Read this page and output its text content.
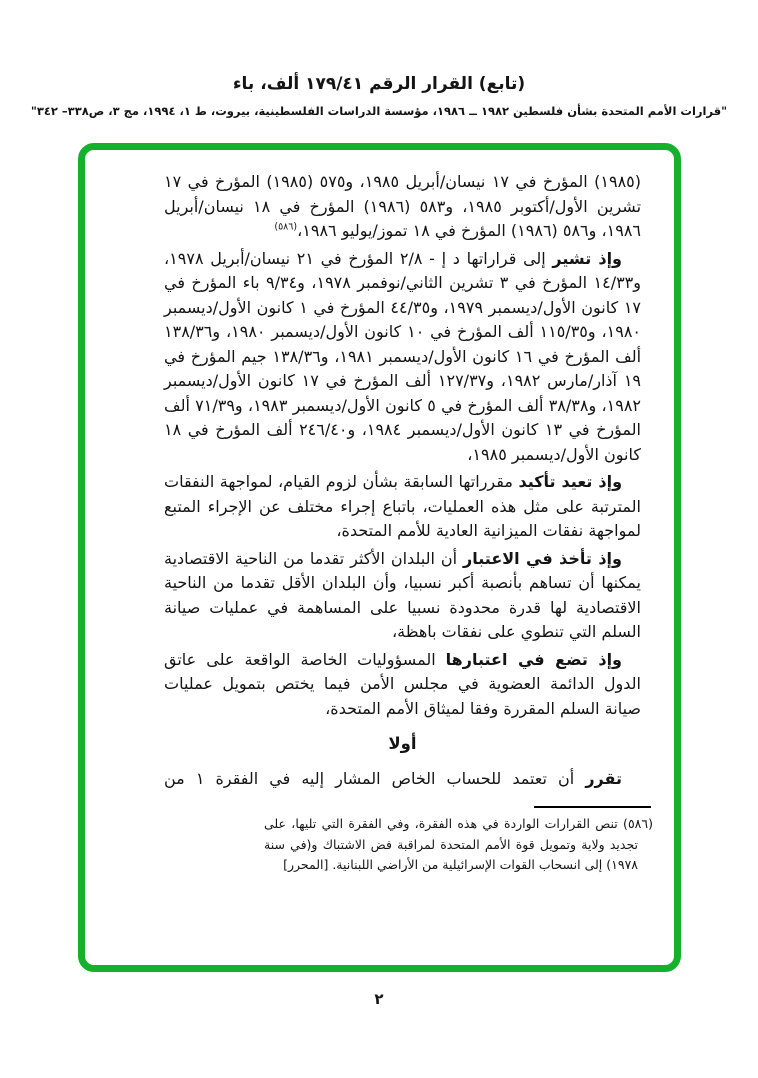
(تابع) القرار الرقم ١٧٩/٤١ ألف، باء
"قرارات الأمم المتحدة بشأن فلسطين ١٩٨٢ ــ ١٩٨٦، مؤسسة الدراسات الفلسطينية، بيروت، ط ١، ١٩٩٤، مج ٣، ص٣٣٨– ٣٤٢"

(١٩٨٥) المؤرخ في ١٧ نيسان/أبريل ١٩٨٥، و٥٧٥ (١٩٨٥) المؤرخ في ١٧ تشرين الأول/أكتوبر ١٩٨٥، و٥٨٣ (١٩٨٦) المؤرخ في ١٨ نيسان/أبريل ١٩٨٦، و٥٨٦ (١٩٨٦) المؤرخ في ١٨ تموز/يوليو ١٩٨٦،$^{(٥٨٦)}$

وإذ تشير إلى قراراتها د إ - ٢/٨ المؤرخ في ٢١ نيسان/أبريل ١٩٧٨، و١٤/٣٣ المؤرخ في ٣ تشرين الثاني/نوفمبر ١٩٧٨، و٩/٣٤ باء المؤرخ في ١٧ كانون الأول/ديسمبر ١٩٧٩، و٤٤/٣٥ المؤرخ في ١ كانون الأول/ديسمبر ١٩٨٠، و١١٥/٣٥ ألف المؤرخ في ١٠ كانون الأول/ديسمبر ١٩٨٠، و١٣٨/٣٦ ألف المؤرخ في ١٦ كانون الأول/ديسمبر ١٩٨١، و١٣٨/٣٦ جيم المؤرخ في ١٩ آذار/مارس ١٩٨٢، و١٢٧/٣٧ ألف المؤرخ في ١٧ كانون الأول/ديسمبر ١٩٨٢، و٣٨/٣٨ ألف المؤرخ في ٥ كانون الأول/ديسمبر ١٩٨٣، و٧١/٣٩ ألف المؤرخ في ١٣ كانون الأول/ديسمبر ١٩٨٤، و٢٤٦/٤٠ ألف المؤرخ في ١٨ كانون الأول/ديسمبر ١٩٨٥،

وإذ تعيد تأكيد مقرراتها السابقة بشأن لزوم القيام، لمواجهة النفقات المترتبة على مثل هذه العمليات، باتباع إجراء مختلف عن الإجراء المتبع لمواجهة نفقات الميزانية العادية للأمم المتحدة،

وإذ تأخذ في الاعتبار أن البلدان الأكثر تقدما من الناحية الاقتصادية يمكنها أن تساهم بأنصبة أكبر نسبيا، وأن البلدان الأقل تقدما من الناحية الاقتصادية لها قدرة محدودة نسبيا على المساهمة في عمليات صيانة السلم التي تنطوي على نفقات باهظة،

وإذ تضع في اعتبارها المسؤوليات الخاصة الواقعة على عاتق الدول الدائمة العضوية في مجلس الأمن فيما يختص بتمويل عمليات صيانة السلم المقررة وفقا لميثاق الأمم المتحدة،

أولا

تقرر أن تعتمد للحساب الخاص المشار إليه في الفقرة ١ من

(٥٨٦) تنص القرارات الواردة في هذه الفقرة، وفي الفقرة التي تليها، على تجديد ولاية وتمويل قوة الأمم المتحدة لمراقبة فض الاشتباك و(في سنة ١٩٧٨) إلى انسحاب القوات الإسرائيلية من الأراضي اللبنانية. [المحرر]
٢
